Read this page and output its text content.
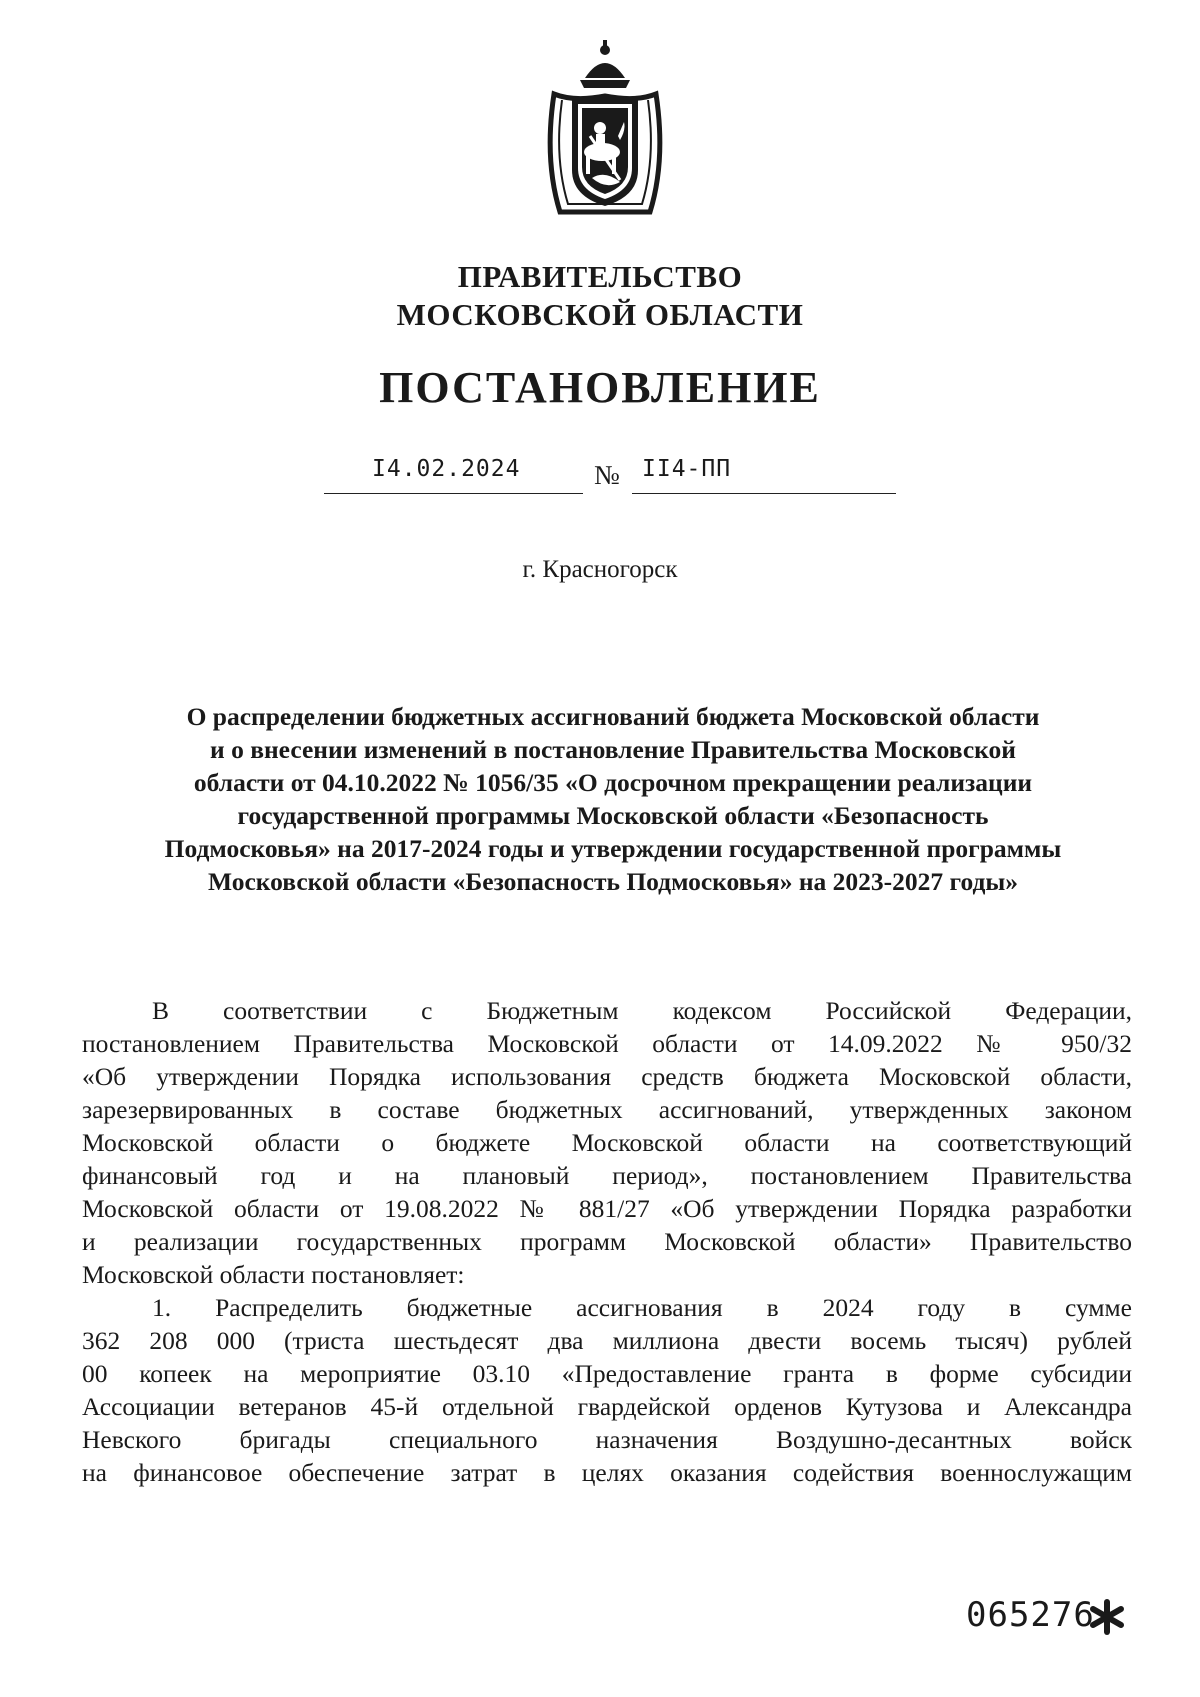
ПРАВИТЕЛЬСТВО
МОСКОВСКОЙ ОБЛАСТИ
ПОСТАНОВЛЕНИЕ
I4.02.2024	№ II4-ПП
г. Красногорск
О распределении бюджетных ассигнований бюджета Московской области
и о внесении изменений в постановление Правительства Московской
области от 04.10.2022 № 1056/35 «О досрочном прекращении реализации
государственной программы Московской области «Безопасность
Подмосковья» на 2017-2024 годы и утверждении государственной программы
Московской области «Безопасность Подмосковья» на 2023-2027 годы»
В соответствии с Бюджетным кодексом Российской Федерации,
постановлением Правительства Московской области от 14.09.2022 № 950/32
«Об утверждении Порядка использования средств бюджета Московской области,
зарезервированных в составе бюджетных ассигнований, утвержденных законом
Московской области о бюджете Московской области на соответствующий
финансовый год и на плановый период», постановлением Правительства
Московской области от 19.08.2022 № 881/27 «Об утверждении Порядка разработки
и реализации государственных программ Московской области» Правительство
Московской области постановляет:
1. Распределить бюджетные ассигнования в 2024 году в сумме
362 208 000 (триста шестьдесят два миллиона двести восемь тысяч) рублей
00 копеек на мероприятие 03.10 «Предоставление гранта в форме субсидии
Ассоциации ветеранов 45-й отдельной гвардейской орденов Кутузова и Александра
Невского бригады специального назначения Воздушно-десантных войск
на финансовое обеспечение затрат в целях оказания содействия военнослужащим
065276
